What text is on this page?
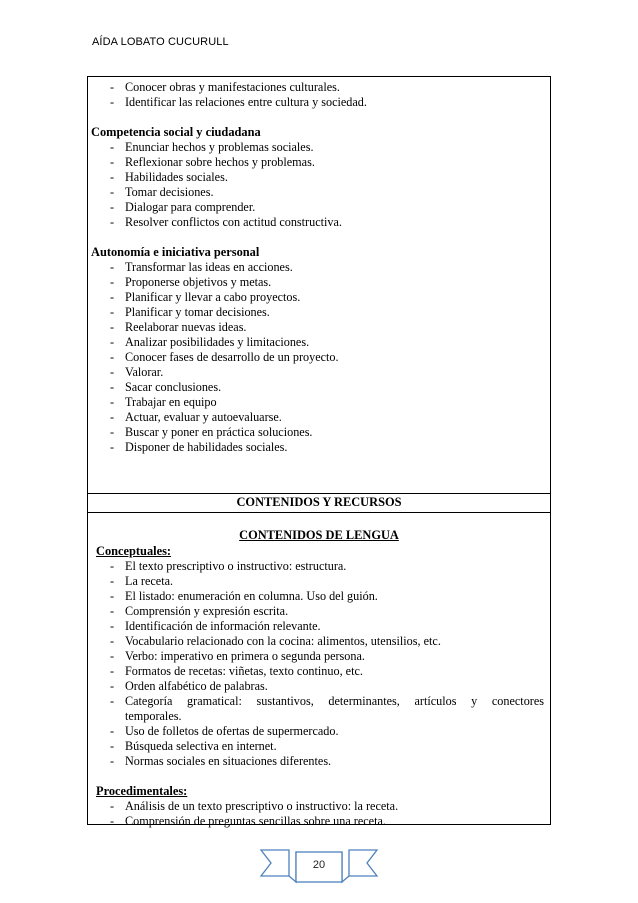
AÍDA LOBATO CUCURULL
- Conocer obras y manifestaciones culturales.
- Identificar las relaciones entre cultura y sociedad.
Competencia social y ciudadana
- Enunciar hechos y problemas sociales.
- Reflexionar sobre hechos y problemas.
- Habilidades sociales.
- Tomar decisiones.
- Dialogar para comprender.
- Resolver conflictos con actitud constructiva.
Autonomía e iniciativa personal
- Transformar las ideas en acciones.
- Proponerse objetivos y metas.
- Planificar y llevar a cabo proyectos.
- Planificar y tomar decisiones.
- Reelaborar nuevas ideas.
- Analizar posibilidades y limitaciones.
- Conocer fases de desarrollo de un proyecto.
- Valorar.
- Sacar conclusiones.
- Trabajar en equipo
- Actuar, evaluar y autoevaluarse.
- Buscar y poner en práctica soluciones.
- Disponer de habilidades sociales.
CONTENIDOS Y RECURSOS
CONTENIDOS DE LENGUA
Conceptuales:
- El texto prescriptivo o instructivo: estructura.
- La receta.
- El listado: enumeración en columna. Uso del guión.
- Comprensión y expresión escrita.
- Identificación de información relevante.
- Vocabulario relacionado con la cocina: alimentos, utensilios, etc.
- Verbo: imperativo en primera o segunda persona.
- Formatos de recetas: viñetas, texto continuo, etc.
- Orden alfabético de palabras.
- Categoría gramatical: sustantivos, determinantes, artículos y conectores
temporales.
- Uso de folletos de ofertas de supermercado.
- Búsqueda selectiva en internet.
- Normas sociales en situaciones diferentes.
Procedimentales:
- Análisis de un texto prescriptivo o instructivo: la receta.
- Comprensión de preguntas sencillas sobre una receta.
20
